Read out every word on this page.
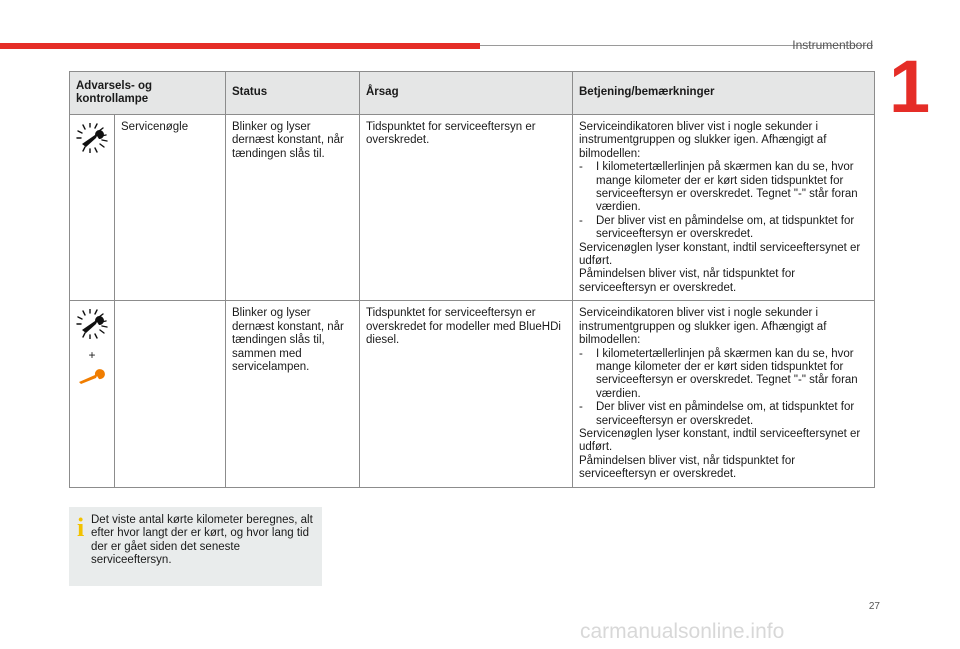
Instrumentbord 1
Advarsels- og kontrollampe		Status	Årsag	Betjening/bemærkninger

	Servicenøgle	Blinker og lyser dernæst konstant, når tændingen slås til.	Tidspunktet for serviceeftersyn er overskredet.	Serviceindikatoren bliver vist i nogle sekunder i instrumentgruppen og slukker igen. Afhængigt af bilmodellen:
- I kilometertællerlinjen på skærmen kan du se, hvor mange kilometer der er kørt siden tidspunktet for serviceeftersyn er overskredet. Tegnet "-" står foran værdien.
- Der bliver vist en påmindelse om, at tidspunktet for serviceeftersyn er overskredet.
Servicenøglen lyser konstant, indtil serviceeftersynet er udført.
Påmindelsen bliver vist, når tidspunktet for serviceeftersyn er overskredet.

+		Blinker og lyser dernæst konstant, når tændingen slås til, sammen med servicelampen.	Tidspunktet for serviceeftersyn er overskredet for modeller med BlueHDi diesel.	Serviceindikatoren bliver vist i nogle sekunder i instrumentgruppen og slukker igen. Afhængigt af bilmodellen:
- I kilometertællerlinjen på skærmen kan du se, hvor mange kilometer der er kørt siden tidspunktet for serviceeftersyn er overskredet. Tegnet "-" står foran værdien.
- Der bliver vist en påmindelse om, at tidspunktet for serviceeftersyn er overskredet.
Servicenøglen lyser konstant, indtil serviceeftersynet er udført.
Påmindelsen bliver vist, når tidspunktet for serviceeftersyn er overskredet.
i Det viste antal kørte kilometer beregnes, alt efter hvor langt der er kørt, og hvor lang tid der er gået siden det seneste serviceeftersyn.
27
carmanualsonline.info
